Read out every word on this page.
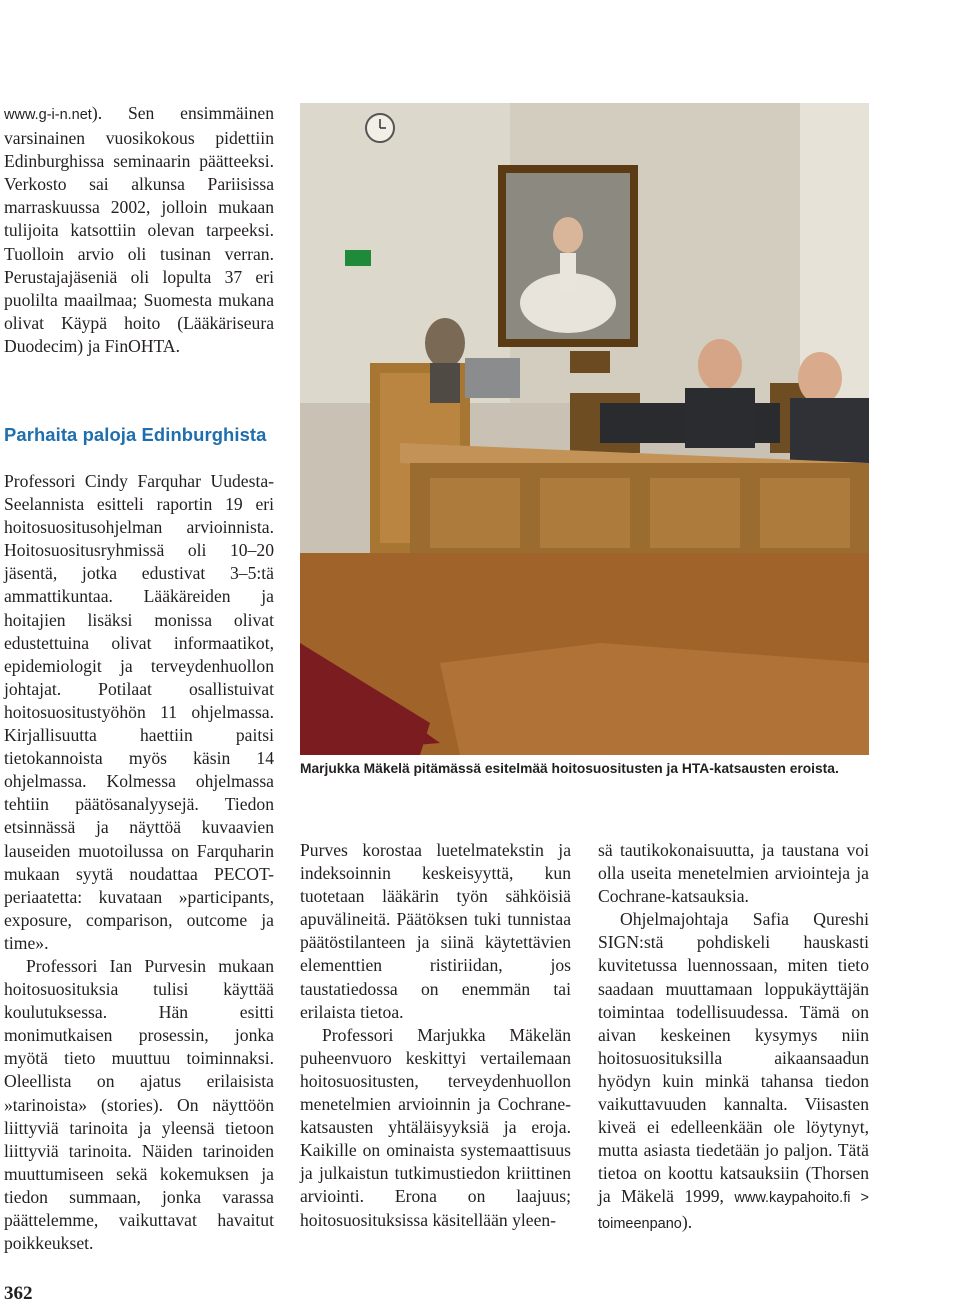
www.g-i-n.net). Sen ensimmäinen varsinainen vuosikokous pidettiin Edinburghissa seminaarin päätteeksi. Verkosto sai alkunsa Pariisissa marraskuussa 2002, jolloin mukaan tulijoita katsottiin olevan tarpeeksi. Tuolloin arvio oli tusinan verran. Perustajajäseniä oli lopulta 37 eri puolilta maailmaa; Suomesta mukana olivat Käypä hoito (Lääkäriseura Duodecim) ja FinOHTA.

Parhaita paloja Edinburghista

Professori Cindy Farquhar Uudesta-Seelannista esitteli raportin 19 eri hoitosuositusohjelman arvioinnista. Hoitosuositusryhmissä oli 10–20 jäsentä, jotka edustivat 3–5:tä ammattikuntaa. Lääkäreiden ja hoitajien lisäksi monissa olivat edustettuina olivat informaatikot, epidemiologit ja terveydenhuollon johtajat. Potilaat osallistuivat hoitosuositustyöhön 11 ohjelmassa. Kirjallisuutta haettiin paitsi tietokannoista myös käsin 14 ohjelmassa. Kolmessa ohjelmassa tehtiin päätösanalyysejä. Tiedon etsinnässä ja näyttöä kuvaavien lauseiden muotoilussa on Farquharin mukaan syytä noudattaa PECOT-periaatetta: kuvataan »participants, exposure, comparison, outcome ja time».

Professori Ian Purvesin mukaan hoitosuosituksia tulisi käyttää koulutuksessa. Hän esitti monimutkaisen prosessin, jonka myötä tieto muuttuu toiminnaksi. Oleellista on ajatus erilaisista »tarinoista» (stories). On näyttöön liittyviä tarinoita ja yleensä tietoon liittyviä tarinoita. Näiden tarinoiden muuttumiseen sekä kokemuksen ja tiedon summaan, jonka varassa päättelemme, vaikuttavat havaitut poikkeukset.

Marjukka Mäkelä pitämässä esitelmää hoitosuositusten ja HTA-katsausten eroista.

Purves korostaa luetelmatekstin ja indeksoinnin keskeisyyttä, kun tuotetaan lääkärin työn sähköisiä apuvälineitä. Päätöksen tuki tunnistaa päätöstilanteen ja siinä käytettävien elementtien ristiriidan, jos taustatiedossa on enemmän tai erilaista tietoa.

Professori Marjukka Mäkelän puheenvuoro keskittyi vertailemaan hoitosuositusten, terveydenhuollon menetelmien arvioinnin ja Cochrane-katsausten yhtäläisyyksiä ja eroja. Kaikille on ominaista systemaattisuus ja julkaistun tutkimustiedon kriittinen arviointi. Erona on laajuus; hoitosuosituksissa käsitellään yleen-

sä tautikokonaisuutta, ja taustana voi olla useita menetelmien arviointeja ja Cochrane-katsauksia.

Ohjelmajohtaja Safia Qureshi SIGN:stä pohdiskeli hauskasti kuvitetussa luennossaan, miten tieto saadaan muuttamaan loppukäyttäjän toimintaa todellisuudessa. Tämä on aivan keskeinen kysymys niin hoitosuosituksilla aikaansaadun hyödyn kuin minkä tahansa tiedon vaikuttavuuden kannalta. Viisasten kiveä ei edelleenkään ole löytynyt, mutta asiasta tiedetään jo paljon. Tätä tietoa on koottu katsauksiin (Thorsen ja Mäkelä 1999, www.kaypahoito.fi > toimeenpano).

362
